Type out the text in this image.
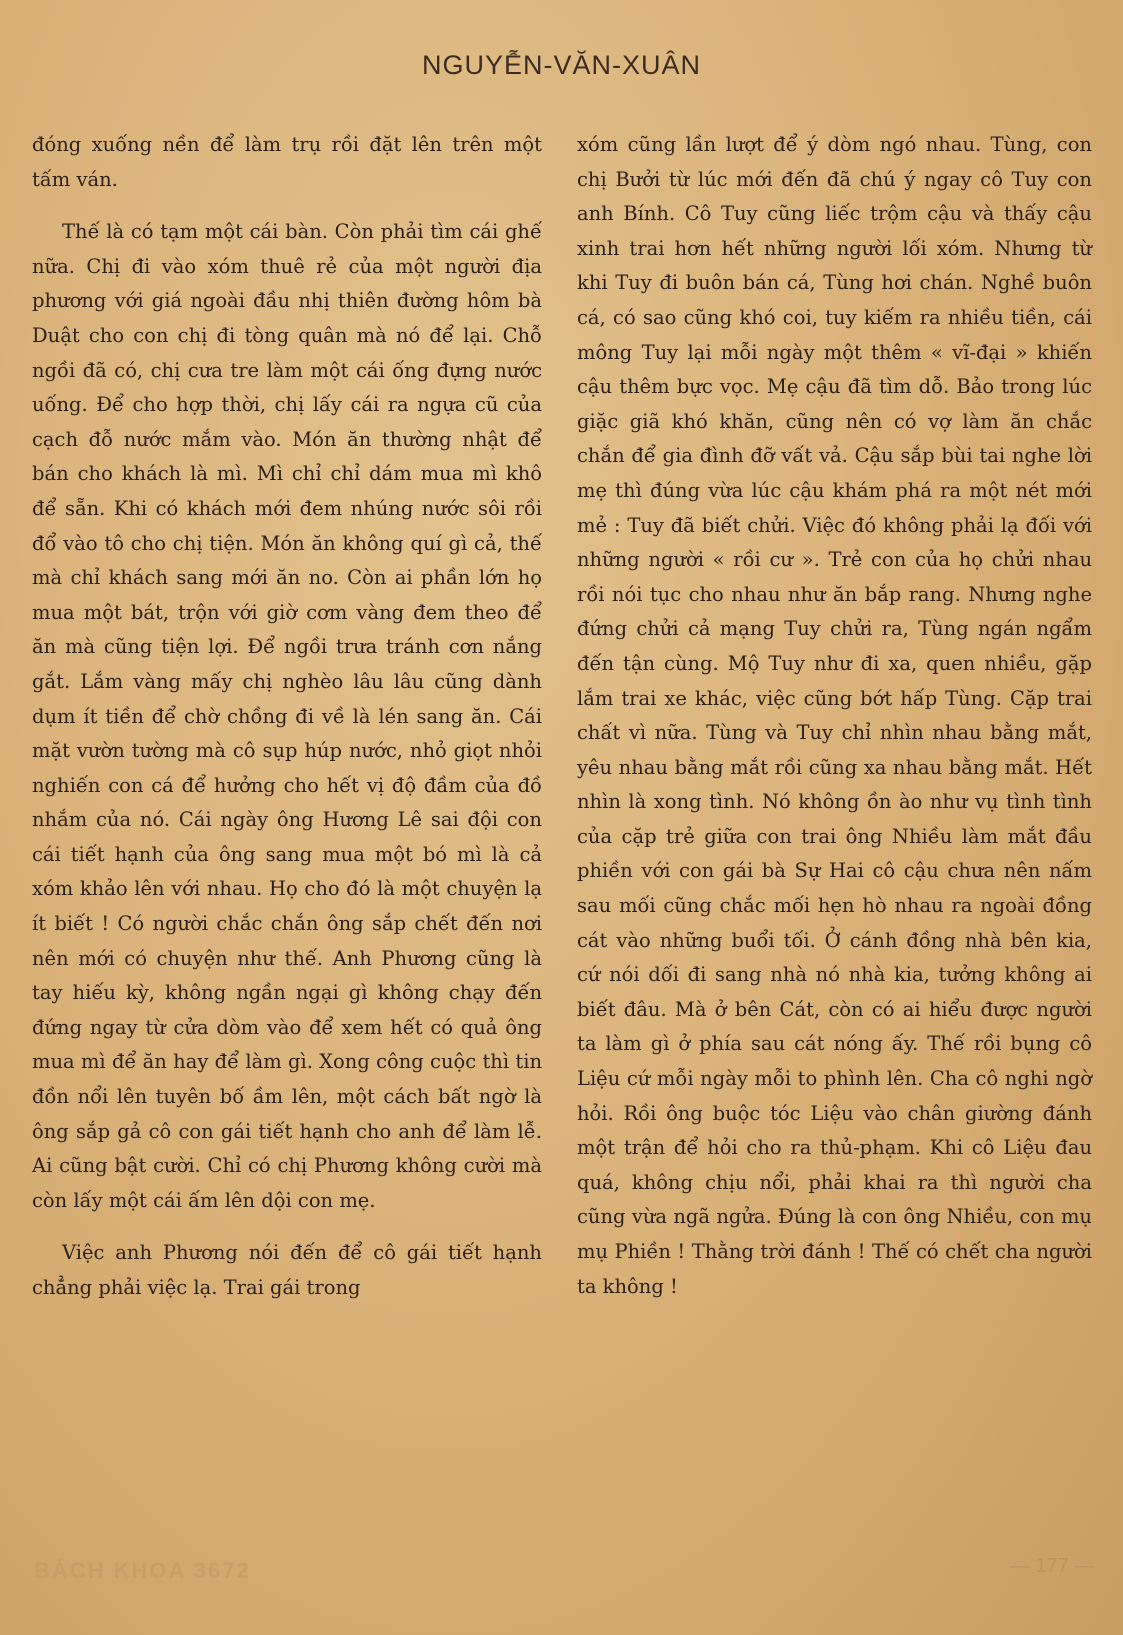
NGUYỄN-VĂN-XUÂN

đóng xuống nền để làm trụ rồi đặt lên trên một tấm ván.

Thế là có tạm một cái bàn. Còn phải tìm cái ghế nữa. Chị đi vào xóm thuê rẻ của một người địa phương với giá ngoài đầu nhị thiên đường hôm bà Duật cho con chị đi tòng quân mà nó để lại. Chỗ ngồi đã có, chị cưa tre làm một cái ống đựng nước uống. Để cho hợp thời, chị lấy cái ra ngựa cũ của cạch đỗ nước mắm vào. Món ăn thường nhật để bán cho khách là mì. Mì chỉ chỉ dám mua mì khô để sẵn. Khi có khách mới đem nhúng nước sôi rồi đổ vào tô cho chị tiện. Món ăn không quí gì cả, thế mà chỉ khách sang mới ăn no. Còn ai phần lớn họ mua một bát, trộn với giờ cơm vàng đem theo để ăn mà cũng tiện lợi. Để ngồi trưa tránh cơn nắng gắt. Lắm vàng mấy chị nghèo lâu lâu cũng dành dụm ít tiền để chờ chồng đi về là lén sang ăn. Cái mặt vườn tường mà cô sụp húp nước, nhỏ giọt nhỏi nghiến con cá để hưởng cho hết vị độ đầm của đồ nhắm của nó. Cái ngày ông Hương Lê sai đội con cái tiết hạnh của ông sang mua một bó mì là cả xóm khảo lên với nhau. Họ cho đó là một chuyện lạ ít biết ! Có người chắc chắn ông sắp chết đến nơi nên mới có chuyện như thế. Anh Phương cũng là tay hiếu kỳ, không ngần ngại gì không chạy đến đứng ngay từ cửa dòm vào để xem hết có quả ông mua mì để ăn hay để làm gì. Xong công cuộc thì tin đồn nổi lên tuyên bố ầm lên, một cách bất ngờ là ông sắp gả cô con gái tiết hạnh cho anh để làm lễ. Ai cũng bật cười. Chỉ có chị Phương không cười mà còn lấy một cái ấm lên dội con mẹ.

Việc anh Phương nói đến để cô gái tiết hạnh chẳng phải việc lạ. Trai gái trong

xóm cũng lần lượt để ý dòm ngó nhau. Tùng, con chị Bưởi từ lúc mới đến đã chú ý ngay cô Tuy con anh Bính. Cô Tuy cũng liếc trộm cậu và thấy cậu xinh trai hơn hết những người lối xóm. Nhưng từ khi Tuy đi buôn bán cá, Tùng hơi chán. Nghề buôn cá, có sao cũng khó coi, tuy kiếm ra nhiều tiền, cái mông Tuy lại mỗi ngày một thêm « vĩ-đại » khiến cậu thêm bực vọc. Mẹ cậu đã tìm dỗ. Bảo trong lúc giặc giã khó khăn, cũng nên có vợ làm ăn chắc chắn để gia đình đỡ vất vả. Cậu sắp bùi tai nghe lời mẹ thì đúng vừa lúc cậu khám phá ra một nét mới mẻ : Tuy đã biết chửi. Việc đó không phải lạ đối với những người « rồi cư ». Trẻ con của họ chửi nhau rồi nói tục cho nhau như ăn bắp rang. Nhưng nghe đứng chửi cả mạng Tuy chửi ra, Tùng ngán ngẩm đến tận cùng. Mộ Tuy như đi xa, quen nhiều, gặp lắm trai xe khác, việc cũng bớt hấp Tùng. Cặp trai chất vì nữa. Tùng và Tuy chỉ nhìn nhau bằng mắt, yêu nhau bằng mắt rồi cũng xa nhau bằng mắt. Hết nhìn là xong tình. Nó không ồn ào như vụ tình tình của cặp trẻ giữa con trai ông Nhiều làm mắt đầu phiền với con gái bà Sự Hai cô cậu chưa nên nấm sau mối cũng chắc mối hẹn hò nhau ra ngoài đồng cát vào những buổi tối. Ở cánh đồng nhà bên kia, cứ nói dối đi sang nhà nó nhà kia, tưởng không ai biết đâu. Mà ở bên Cát, còn có ai hiểu được người ta làm gì ở phía sau cát nóng ấy. Thế rồi bụng cô Liệu cứ mỗi ngày mỗi to phình lên. Cha cô nghi ngờ hỏi. Rồi ông buộc tóc Liệu vào chân giường đánh một trận để hỏi cho ra thủ-phạm. Khi cô Liệu đau quá, không chịu nổi, phải khai ra thì người cha cũng vừa ngã ngửa. Đúng là con ông Nhiều, con mụ mụ Phiền ! Thằng trời đánh ! Thế có chết cha người ta không !

BÁCH KHOA 3672	— 177 —
